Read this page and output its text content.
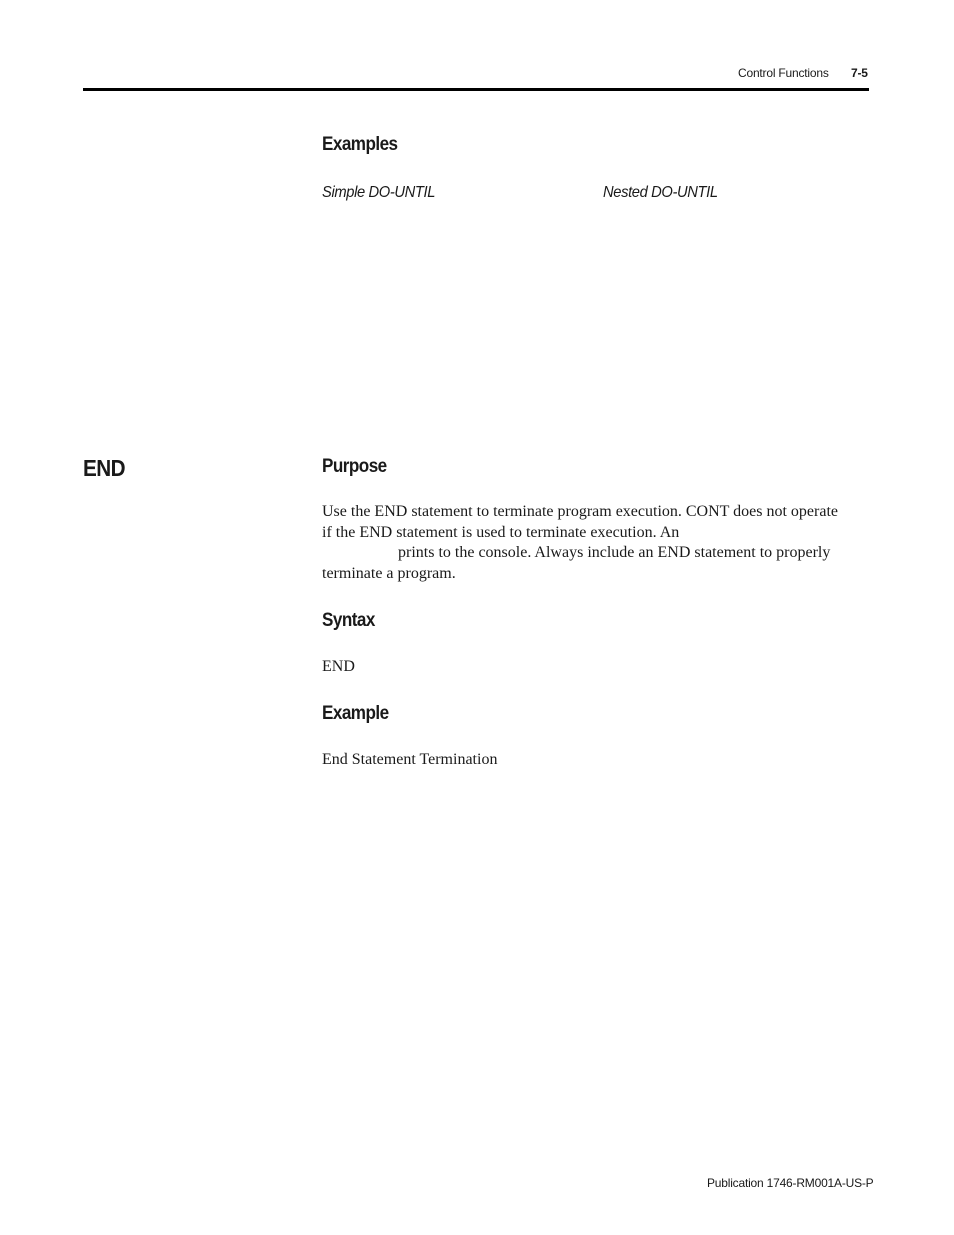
Control Functions 7-5
Examples
Simple DO-UNTIL	Nested DO-UNTIL
END	Purpose
Use the END statement to terminate program execution. CONT does not operate
if the END statement is used to terminate execution. An
prints to the console. Always include an END statement to properly
terminate a program.
Syntax
END
Example
End Statement Termination
Publication 1746-RM001A-US-P
